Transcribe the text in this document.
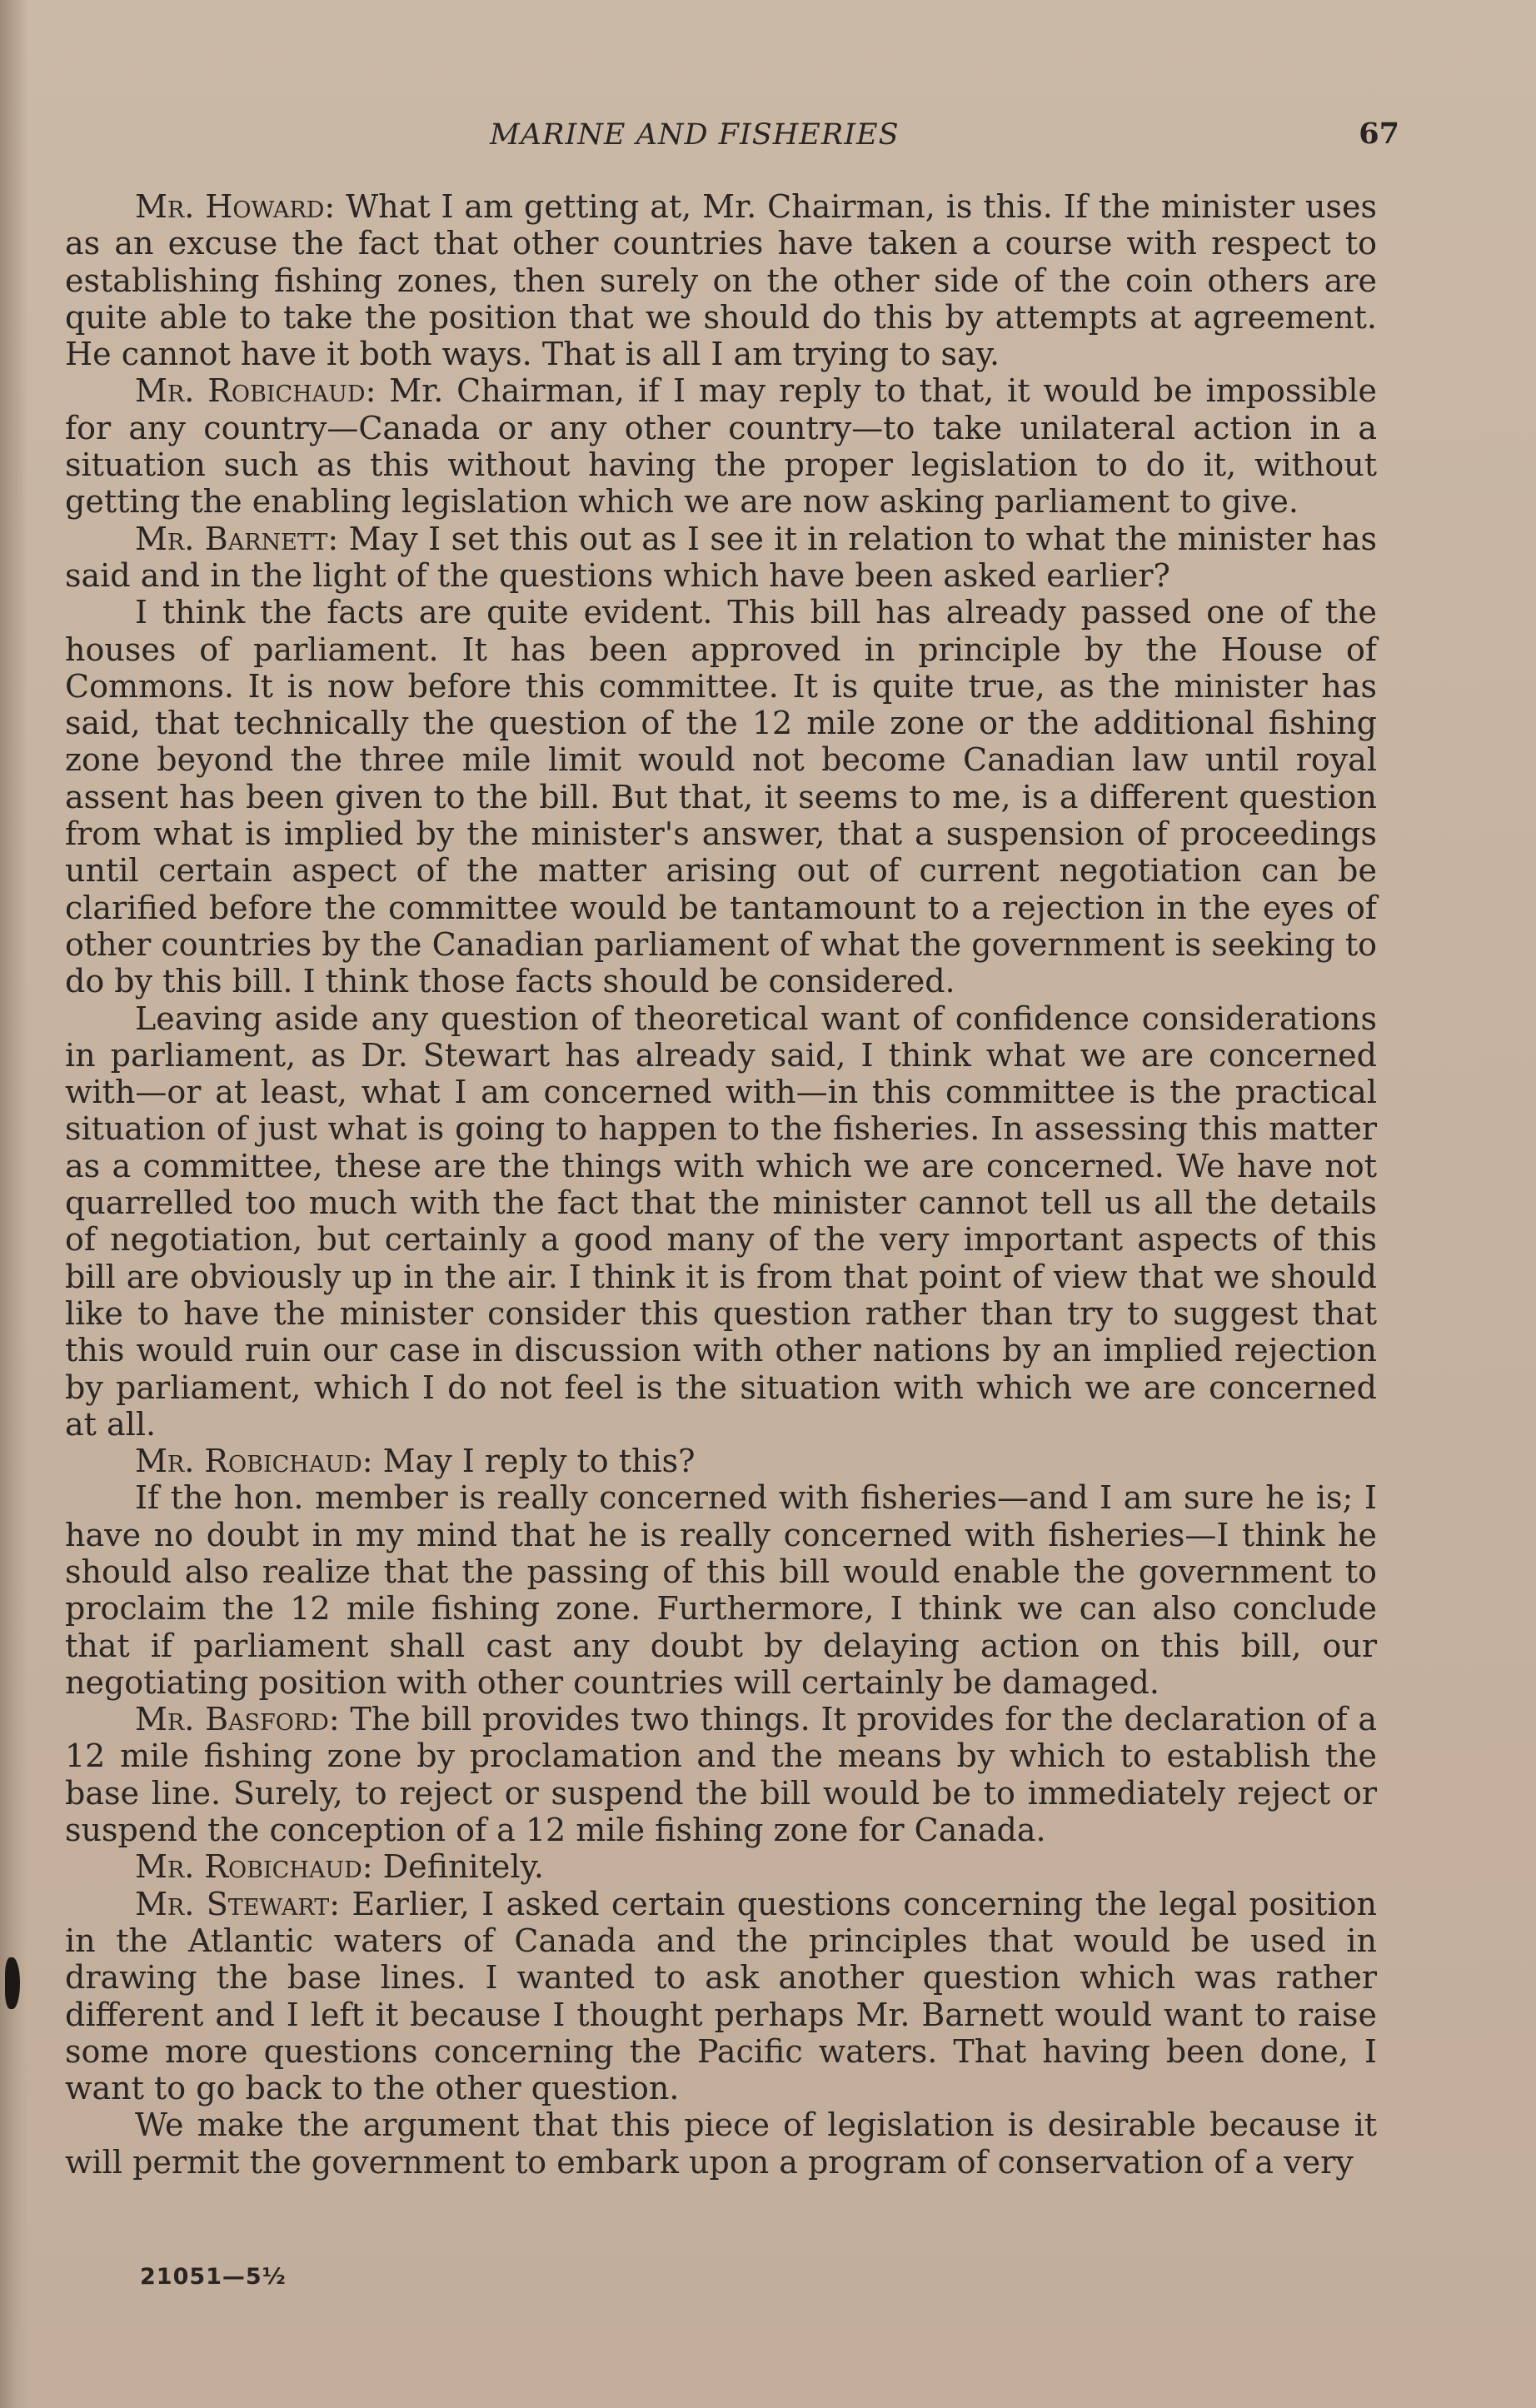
MARINE AND FISHERIES	67

Mr. Howard: What I am getting at, Mr. Chairman, is this. If the minister uses as an excuse the fact that other countries have taken a course with respect to establishing fishing zones, then surely on the other side of the coin others are quite able to take the position that we should do this by attempts at agreement. He cannot have it both ways. That is all I am trying to say.

Mr. Robichaud: Mr. Chairman, if I may reply to that, it would be impossible for any country—Canada or any other country—to take unilateral action in a situation such as this without having the proper legislation to do it, without getting the enabling legislation which we are now asking parliament to give.

Mr. Barnett: May I set this out as I see it in relation to what the minister has said and in the light of the questions which have been asked earlier?

I think the facts are quite evident. This bill has already passed one of the houses of parliament. It has been approved in principle by the House of Commons. It is now before this committee. It is quite true, as the minister has said, that technically the question of the 12 mile zone or the additional fishing zone beyond the three mile limit would not become Canadian law until royal assent has been given to the bill. But that, it seems to me, is a different question from what is implied by the minister's answer, that a suspension of proceedings until certain aspect of the matter arising out of current negotiation can be clarified before the committee would be tantamount to a rejection in the eyes of other countries by the Canadian parliament of what the government is seeking to do by this bill. I think those facts should be considered.

Leaving aside any question of theoretical want of confidence considerations in parliament, as Dr. Stewart has already said, I think what we are concerned with—or at least, what I am concerned with—in this committee is the practical situation of just what is going to happen to the fisheries. In assessing this matter as a committee, these are the things with which we are concerned. We have not quarrelled too much with the fact that the minister cannot tell us all the details of negotiation, but certainly a good many of the very important aspects of this bill are obviously up in the air. I think it is from that point of view that we should like to have the minister consider this question rather than try to suggest that this would ruin our case in discussion with other nations by an implied rejection by parliament, which I do not feel is the situation with which we are concerned at all.

Mr. Robichaud: May I reply to this?

If the hon. member is really concerned with fisheries—and I am sure he is; I have no doubt in my mind that he is really concerned with fisheries—I think he should also realize that the passing of this bill would enable the government to proclaim the 12 mile fishing zone. Furthermore, I think we can also conclude that if parliament shall cast any doubt by delaying action on this bill, our negotiating position with other countries will certainly be damaged.

Mr. Basford: The bill provides two things. It provides for the declaration of a 12 mile fishing zone by proclamation and the means by which to establish the base line. Surely, to reject or suspend the bill would be to immediately reject or suspend the conception of a 12 mile fishing zone for Canada.

Mr. Robichaud: Definitely.

Mr. Stewart: Earlier, I asked certain questions concerning the legal position in the Atlantic waters of Canada and the principles that would be used in drawing the base lines. I wanted to ask another question which was rather different and I left it because I thought perhaps Mr. Barnett would want to raise some more questions concerning the Pacific waters. That having been done, I want to go back to the other question.

We make the argument that this piece of legislation is desirable because it will permit the government to embark upon a program of conservation of a very

21051—5½
